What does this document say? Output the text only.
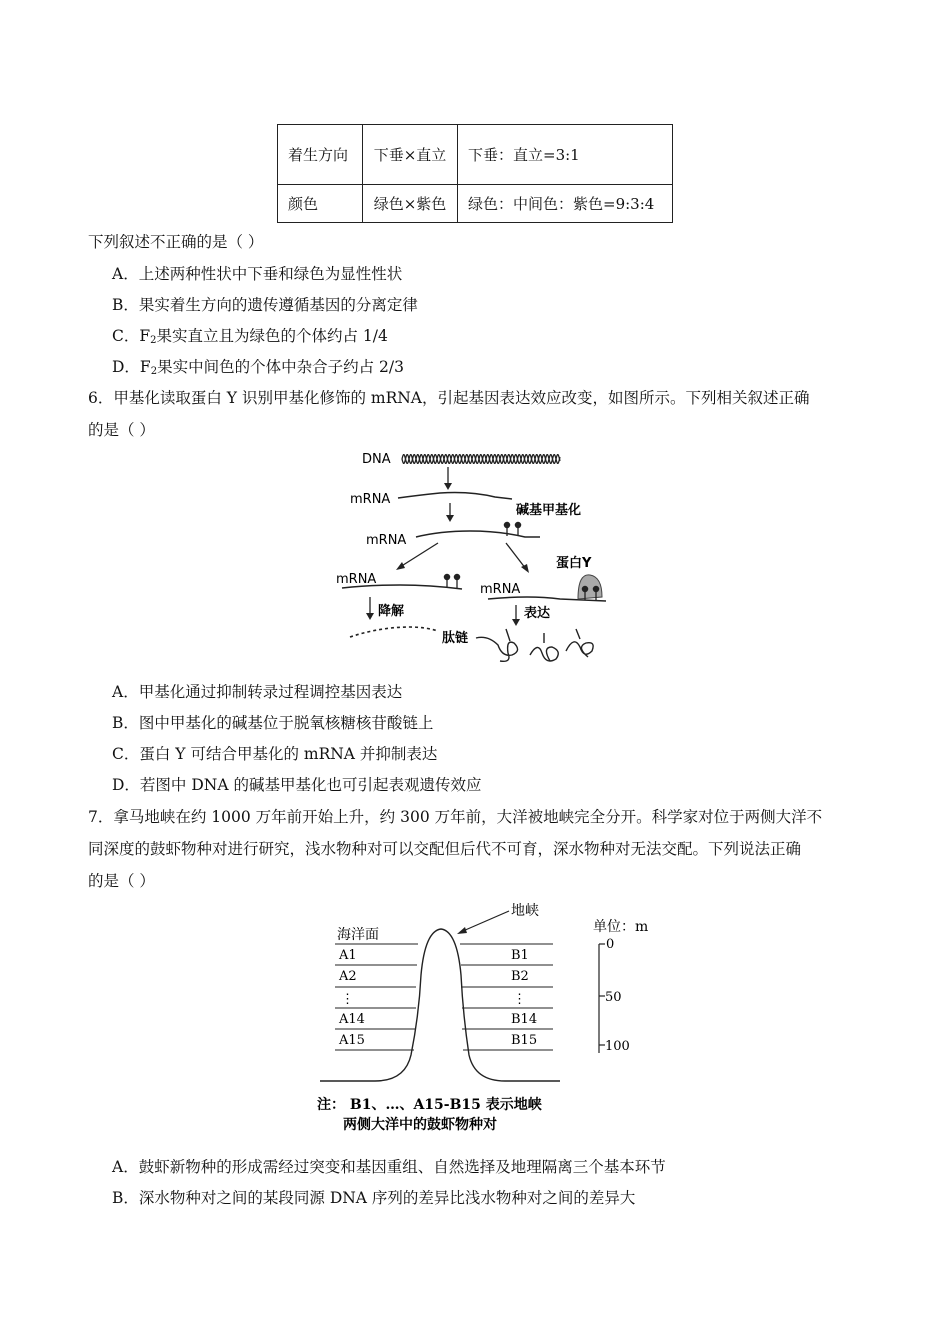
着生方向	下垂×直立	下垂：直立=3:1
颜色	绿色×紫色	绿色：中间色：紫色=9:3:4
下列叙述不正确的是（ ）
A．上述两种性状中下垂和绿色为显性性状
B．果实着生方向的遗传遵循基因的分离定律
C．$F_2$果实直立且为绿色的个体约占 1/4
D．$F_2$果实中间色的个体中杂合子约占 2/3
6．甲基化读取蛋白 Y 识别甲基化修饰的 mRNA，引起基因表达效应改变，如图所示。下列相关叙述正确
的是（ ）
DNA
mRNA
碱基甲基化
mRNA
mRNA
降解
mRNA
蛋白Y
表达
肽链
A．甲基化通过抑制转录过程调控基因表达
B．图中甲基化的碱基位于脱氧核糖核苷酸链上
C．蛋白 Y 可结合甲基化的 mRNA 并抑制表达
D．若图中 DNA 的碱基甲基化也可引起表观遗传效应
7．拿马地峡在约 1000 万年前开始上升，约 300 万年前，大洋被地峡完全分开。科学家对位于两侧大洋不
同深度的鼓虾物种对进行研究，浅水物种对可以交配但后代不可育，深水物种对无法交配。下列说法正确
的是（ ）
地峡
单位：m
海洋面
A1
A2
⋮
A14
A15
B1
B2
⋮
B14
B15
0
50
100
注： B1、…、A15-B15 表示地峡
两侧大洋中的鼓虾物种对
A．鼓虾新物种的形成需经过突变和基因重组、自然选择及地理隔离三个基本环节
B．深水物种对之间的某段同源 DNA 序列的差异比浅水物种对之间的差异大
